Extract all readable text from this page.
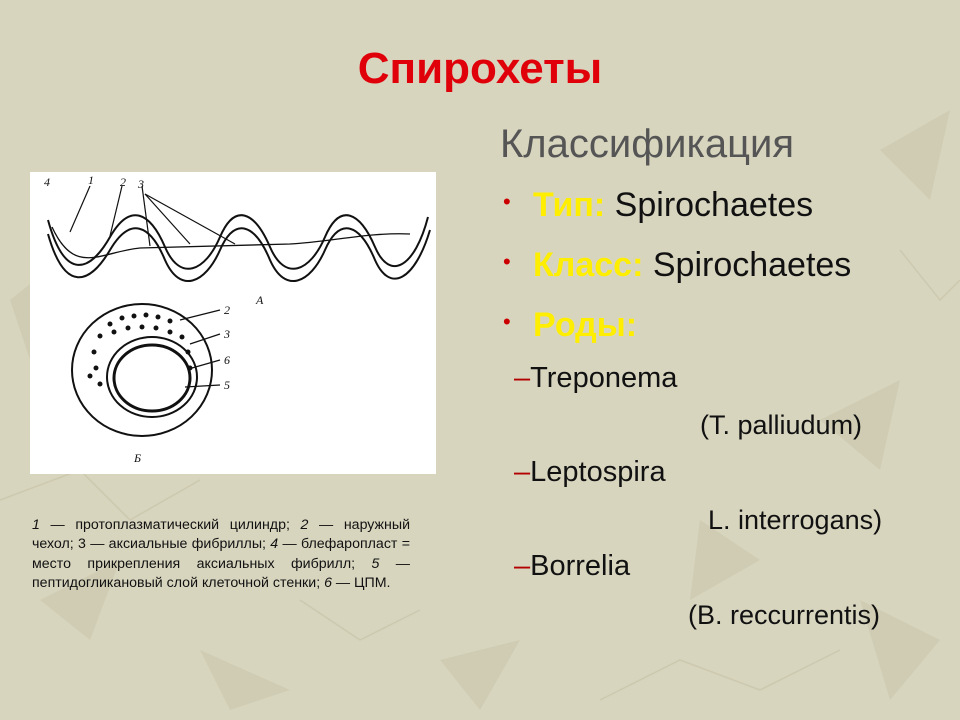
Спирохеты
Классификация
• Тип: Spirochaetes
• Класс: Spirochaetes
• Роды:
–Treponema
(T. palliudum)
–Leptospira
L. interrogans)
–Borrelia
(B. reccurrentis)
4	1 2 3
А
2
3
6
5
Б

1 — протоплазматический цилиндр; 2 — наружный чехол; 3 — аксиальные фибриллы; 4 — блефаропласт = место прикрепления аксиальных фибрилл; 5 — пептидогликановый слой клеточной стенки; 6 — ЦПМ.
